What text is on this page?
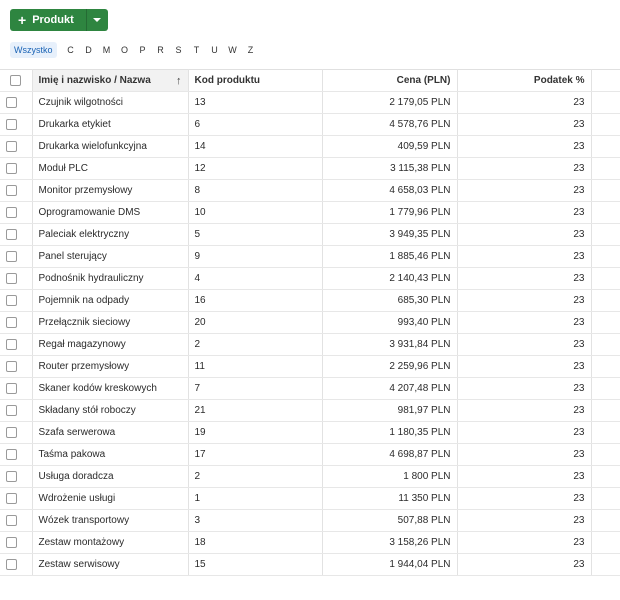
+ Produkt
Wszystko	C	D	M	O	P	R	S	T	U	W	Z
	Imię i nazwisko / Nazwa ↑	Kod produktu	Cena (PLN)	Podatek %	
	Czujnik wilgotności	13	2 179,05 PLN	23	
	Drukarka etykiet	6	4 578,76 PLN	23	
	Drukarka wielofunkcyjna	14	409,59 PLN	23	
	Moduł PLC	12	3 115,38 PLN	23	
	Monitor przemysłowy	8	4 658,03 PLN	23	
	Oprogramowanie DMS	10	1 779,96 PLN	23	
	Paleciak elektryczny	5	3 949,35 PLN	23	
	Panel sterujący	9	1 885,46 PLN	23	
	Podnośnik hydrauliczny	4	2 140,43 PLN	23	
	Pojemnik na odpady	16	685,30 PLN	23	
	Przełącznik sieciowy	20	993,40 PLN	23	
	Regał magazynowy	2	3 931,84 PLN	23	
	Router przemysłowy	11	2 259,96 PLN	23	
	Skaner kodów kreskowych	7	4 207,48 PLN	23	
	Składany stół roboczy	21	981,97 PLN	23	
	Szafa serwerowa	19	1 180,35 PLN	23	
	Taśma pakowa	17	4 698,87 PLN	23	
	Usługa doradcza	2	1 800 PLN	23	
	Wdrożenie usługi	1	11 350 PLN	23	
	Wózek transportowy	3	507,88 PLN	23	
	Zestaw montażowy	18	3 158,26 PLN	23	
	Zestaw serwisowy	15	1 944,04 PLN	23	
